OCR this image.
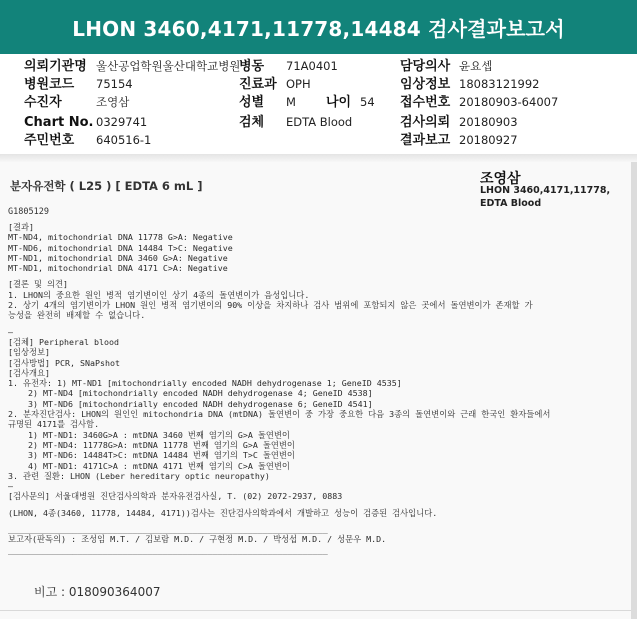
LHON 3460,4171,11778,14484 검사결과보고서
의뢰기관명 울산공업학원울산대학교병원
병동 71A0401	담당의사 윤요셉
병원코드 75154	진료과 OPH	임상정보 18083121992
수진자	조영삼	성별 M 나이 54 접수번호 20180903-64007
Chart No. 0329741	검체 EDTA Blood	검사의뢰 20180903
주민번호 640516-1	결과보고 20180927
분자유전학 ( L25 ) [ EDTA 6 mL ]	조영삼
LHON 3460,4171,11778,
EDTA Blood
G1805129
[결과]
MT-ND4, mitochondrial DNA 11778 G>A: Negative
MT-ND6, mitochondrial DNA 14484 T>C: Negative
MT-ND1, mitochondrial DNA 3460 G>A: Negative
MT-ND1, mitochondrial DNA 4171 C>A: Negative
[결론 및 의견]
1. LHON의 중요한 원인 병적 염기변이인 상기 4종의 돌연변이가 음성입니다.
2. 상기 4개의 염기변이가 LHON 원인 병적 염기변이의 90% 이상을 차지하나 검사 범위에 포함되지 않은 곳에서 돌연변이가 존재할 가
능성을 완전히 배제할 수 없습니다.
—
[검체] Peripheral blood
[임상정보]
[검사방법] PCR, SNaPshot
[검사개요]
1. 유전자: 1) MT-ND1 [mitochondrially encoded NADH dehydrogenase 1; GeneID 4535]
2) MT-ND4 [mitochondrially encoded NADH dehydrogenase 4; GeneID 4538]
3) MT-ND6 [mitochondrially encoded NADH dehydrogenase 6; GeneID 4541]
2. 분자진단검사: LHON의 원인인 mitochondria DNA (mtDNA) 돌연변이 중 가장 중요한 다음 3종의 돌연변이와 근래 한국인 환자들에서
규명된 4171를 검사함.
1) MT-ND1: 3460G>A : mtDNA 3460 번째 염기의 G>A 돌연변이
2) MT-ND4: 11778G>A: mtDNA 11778 번째 염기의 G>A 돌연변이
3) MT-ND6: 14484T>C: mtDNA 14484 번째 염기의 T>C 돌연변이
4) MT-ND1: 4171C>A : mtDNA 4171 번째 염기의 C>A 돌연변이
3. 관련 질환: LHON (Leber hereditary optic neuropathy)
—
[검사문의] 서울대병원 진단검사의학과 분자유전검사실, T. (02) 2072-2937, 0883
(LHON, 4종(3460, 11778, 14484, 4171))검사는 진단검사의학과에서 개발하고 성능이 검증된 검사입니다.
________________________________________________________________
보고자(판독의) : 조성임 M.T. / 김보람 M.D. / 구현정 M.D. / 박성섭 M.D. / 성문우 M.D.
________________________________________________________________
비고 : 018090364007
